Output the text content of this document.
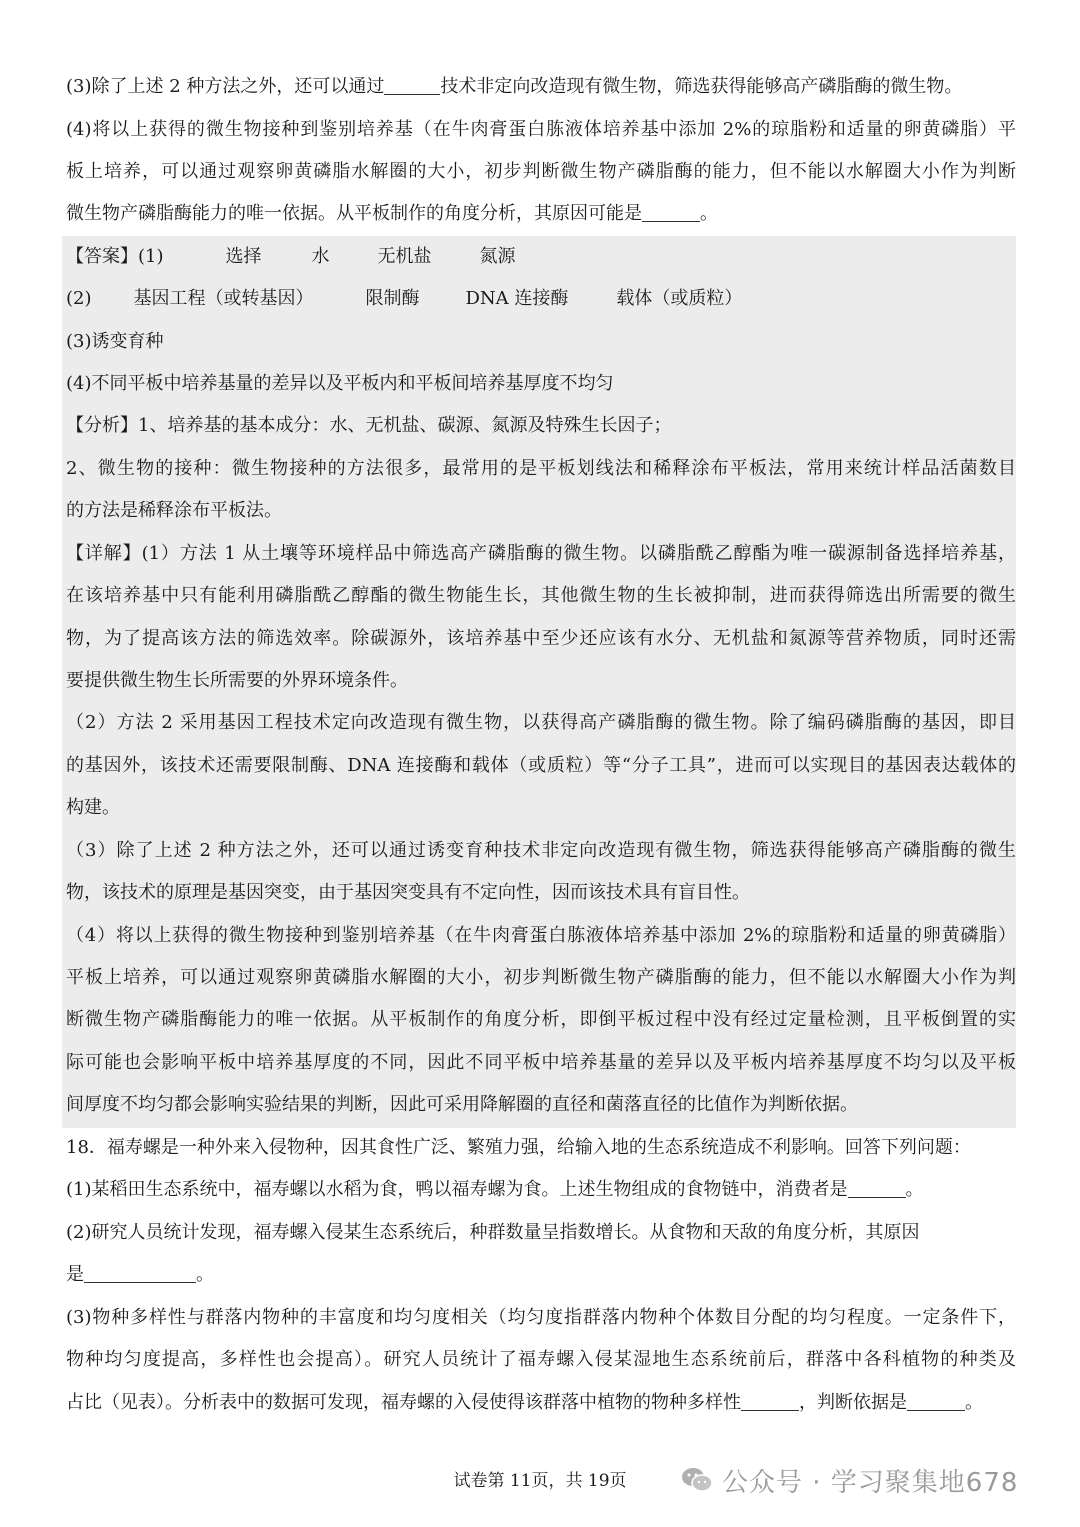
(3)除了上述 2 种方法之外，还可以通过	技术非定向改造现有微生物，筛选获得能够高产磷脂酶的微生物。
(4)将以上获得的微生物接种到鉴别培养基（在牛肉膏蛋白胨液体培养基中添加 2%的琼脂粉和适量的卵黄磷脂）平
板上培养，可以通过观察卵黄磷脂水解圈的大小，初步判断微生物产磷脂酶的能力，但不能以水解圈大小作为判断
微生物产磷脂酶能力的唯一依据。从平板制作的角度分析，其原因可能是	。
【答案】(1)	选择	水	无机盐	氮源
(2) 基因工程（或转基因）	限制酶	DNA 连接酶	载体（或质粒）
(3)诱变育种
(4)不同平板中培养基量的差异以及平板内和平板间培养基厚度不均匀
【分析】1、培养基的基本成分：水、无机盐、碳源、氮源及特殊生长因子；
2、微生物的接种：微生物接种的方法很多，最常用的是平板划线法和稀释涂布平板法，常用来统计样品活菌数目
的方法是稀释涂布平板法。
【详解】(1）方法 1 从土壤等环境样品中筛选高产磷脂酶的微生物。以磷脂酰乙醇酯为唯一碳源制备选择培养基，
在该培养基中只有能利用磷脂酰乙醇酯的微生物能生长，其他微生物的生长被抑制，进而获得筛选出所需要的微生
物，为了提高该方法的筛选效率。除碳源外，该培养基中至少还应该有水分、无机盐和氮源等营养物质，同时还需
要提供微生物生长所需要的外界环境条件。
（2）方法 2 采用基因工程技术定向改造现有微生物，以获得高产磷脂酶的微生物。除了编码磷脂酶的基因，即目
的基因外，该技术还需要限制酶、DNA 连接酶和载体（或质粒）等“分子工具”，进而可以实现目的基因表达载体的
构建。
（3）除了上述 2 种方法之外，还可以通过诱变育种技术非定向改造现有微生物，筛选获得能够高产磷脂酶的微生
物，该技术的原理是基因突变，由于基因突变具有不定向性，因而该技术具有盲目性。
（4）将以上获得的微生物接种到鉴别培养基（在牛肉膏蛋白胨液体培养基中添加 2%的琼脂粉和适量的卵黄磷脂）
平板上培养，可以通过观察卵黄磷脂水解圈的大小，初步判断微生物产磷脂酶的能力，但不能以水解圈大小作为判
断微生物产磷脂酶能力的唯一依据。从平板制作的角度分析，即倒平板过程中没有经过定量检测，且平板倒置的实
际可能也会影响平板中培养基厚度的不同，因此不同平板中培养基量的差异以及平板内培养基厚度不均匀以及平板
间厚度不均匀都会影响实验结果的判断，因此可采用降解圈的直径和菌落直径的比值作为判断依据。
18．福寿螺是一种外来入侵物种，因其食性广泛、繁殖力强，给输入地的生态系统造成不利影响。回答下列问题：
(1)某稻田生态系统中，福寿螺以水稻为食，鸭以福寿螺为食。上述生物组成的食物链中，消费者是	。
(2)研究人员统计发现，福寿螺入侵某生态系统后，种群数量呈指数增长。从食物和天敌的角度分析，其原因
是	。
(3)物种多样性与群落内物种的丰富度和均匀度相关（均匀度指群落内物种个体数目分配的均匀程度。一定条件下，
物种均匀度提高，多样性也会提高）。研究人员统计了福寿螺入侵某湿地生态系统前后，群落中各科植物的种类及
占比（见表）。分析表中的数据可发现，福寿螺的入侵使得该群落中植物的物种多样性	，判断依据是	。
试卷第 11页，共 19页	公众号 · 学习聚集地678
